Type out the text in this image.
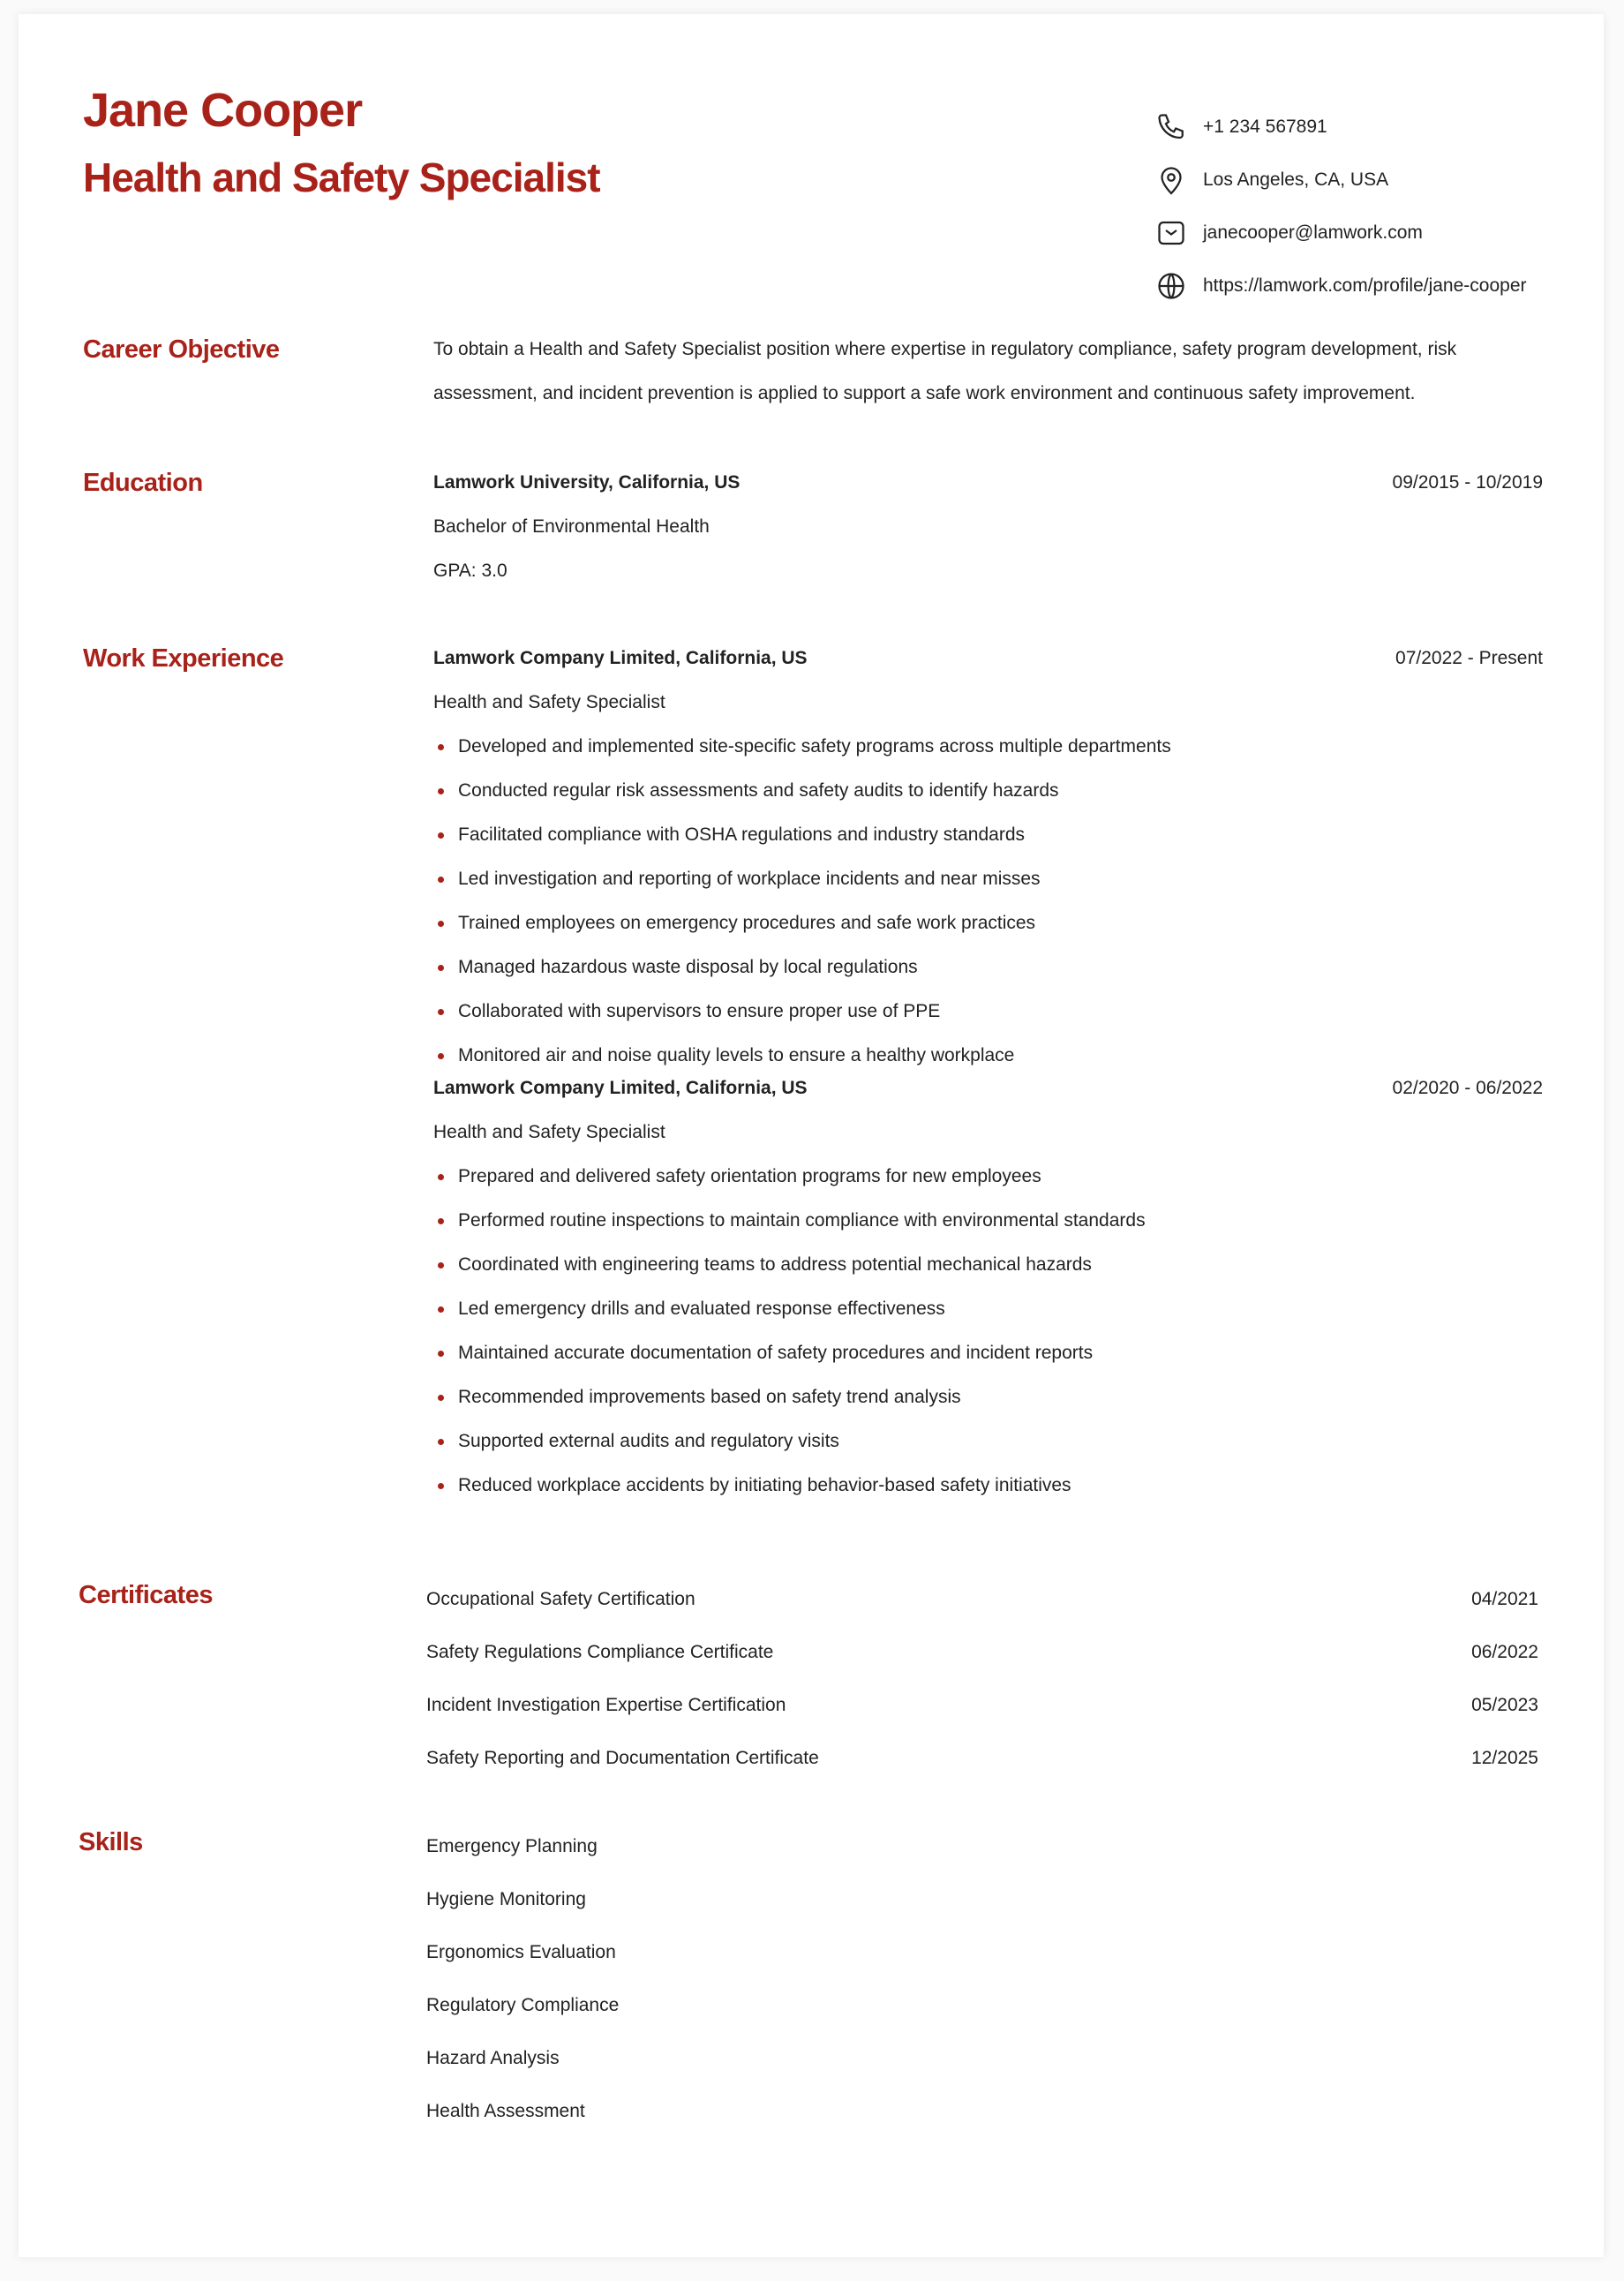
Jane Cooper
Health and Safety Specialist
+1 234 567891
Los Angeles, CA, USA
janecooper@lamwork.com
https://lamwork.com/profile/jane-cooper
Career Objective	To obtain a Health and Safety Specialist position where expertise in regulatory compliance, safety program development, risk assessment, and incident prevention is applied to support a safe work environment and continuous safety improvement.
Education	Lamwork University, California, US	09/2015 - 10/2019
Bachelor of Environmental Health
GPA: 3.0
Work Experience	Lamwork Company Limited, California, US	07/2022 - Present
Health and Safety Specialist
Developed and implemented site-specific safety programs across multiple departments
Conducted regular risk assessments and safety audits to identify hazards
Facilitated compliance with OSHA regulations and industry standards
Led investigation and reporting of workplace incidents and near misses
Trained employees on emergency procedures and safe work practices
Managed hazardous waste disposal by local regulations
Collaborated with supervisors to ensure proper use of PPE
Monitored air and noise quality levels to ensure a healthy workplace
Lamwork Company Limited, California, US	02/2020 - 06/2022
Health and Safety Specialist
Prepared and delivered safety orientation programs for new employees
Performed routine inspections to maintain compliance with environmental standards
Coordinated with engineering teams to address potential mechanical hazards
Led emergency drills and evaluated response effectiveness
Maintained accurate documentation of safety procedures and incident reports
Recommended improvements based on safety trend analysis
Supported external audits and regulatory visits
Reduced workplace accidents by initiating behavior-based safety initiatives
Certificates	Occupational Safety Certification	04/2021
Safety Regulations Compliance Certificate	06/2022
Incident Investigation Expertise Certification	05/2023
Safety Reporting and Documentation Certificate	12/2025
Skills	Emergency Planning
Hygiene Monitoring
Ergonomics Evaluation
Regulatory Compliance
Hazard Analysis
Health Assessment
